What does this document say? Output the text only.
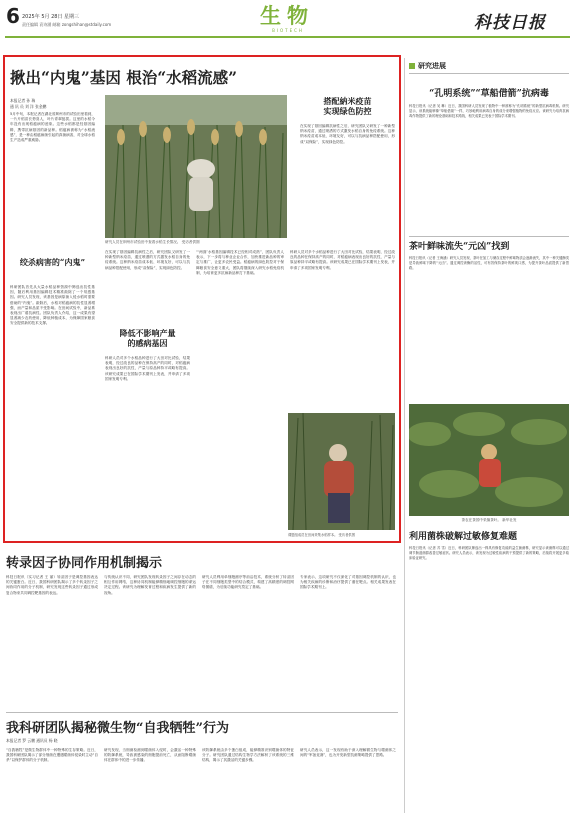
6 2025年 5月 28日 星期三
责任编辑 袁诗涵 邮箱 zongshihan@stdaily.com	生物
BIOTECH	科技日报
揪出“内鬼”基因 根治“水稻流感”
本报记者 孙 瑞
通 讯 员 刘 洋 张金鹏
5月中旬，本报记者在湖北省荆州市的试验田里看到，一片片稻苗长势喜人，叶片青翠挺拔。这里的水稻今年没有出现稻瘟病的迹象。这些水稻都是经基因编辑，携带抗病基因的新品种。稻瘟病被称为“水稻流感”，是一种由稻瘟病菌引起的真菌病害，对全球水稻生产造成严重威胁。
绞杀病害的“内鬼”
科研团队首先从大量水稻品种资源中筛选出抗性基因，随后利用基因编辑技术精准敲除了一个易感基因。研究人员发现，该基因是病原菌入侵水稻时需要借助的“内鬼”。敲除后，水稻对稻瘟病的抗性显著增强，而产量和品质不受影响。在田间试验中，新品系表现出广谱抗病性。团队负责人介绍，这一成果有望显著减少农药使用，降低种植成本，为保障国家粮食安全提供新的技术支撑。
研究人员在荆州市试验田中查看水稻生长情况。 受访者供图
搭配納米疫苗
实现绿色防控
在实现了基因编辑抗病性之后，研究团队又研发了一种新型纳米疫苗，通过喷洒的方式激发水稻自身的免疫系统。这种纳米疫苗成本低、环境友好，可以与抗病品种搭配使用，形成“双保险”，实现绿色防控。
在实现了基因编辑抗病性之后，研究团队又研发了一种新型纳米疫苗，通过喷洒的方式激发水稻自身的免疫系统。这种纳米疫苗成本低、环境友好，可以与抗病品种搭配使用，形成“双保险”，实现绿色防控。
降低不影响产量
的感病基因
科研人员对多个水稻品种进行了大田对比试验，结果表明，经过改良的品种在保持高产的同时，对稻瘟病表现出良好的抗性，产量与原品种持平或略有提高。该研究成果已在国际学术期刊上发表，并申请了多项国家发明专利。
“‘两面’水稻基因编辑技术已经相对成熟”，团队负责人表示，下一步将与种业企业合作，加快推进新品种的审定与推广，让更多农民受益。稻瘟病的绿色防控对于保障粮食安全意义重大，团队将继续深入研究水稻免疫机制，为培育更多抗病新品种打下基础。
科研人员对多个水稻品种进行了大田对比试验，结果表明，经过改良的品种在保持高产的同时，对稻瘟病表现出良好的抗性，产量与原品种持平或略有提高。该研究成果已在国际学术期刊上发表，并申请了多项国家发明专利。
课题组成员在田间采集水稻样本。 受访者供图
研究进展
“孔明系统”“草船借箭”抗病毒
科技日报讯（记者 吴 琳）近日，我国科研人员发现了植物中一种被称为“孔明系统”的新型抗病毒机制。研究显示，该系统能够像“草船借箭”一样，巧妙地利用病毒自身的成分来增强植物的免疫反应。该研究为培育抗病毒作物提供了新的理论基础和技术路线，相关成果已发表于国际学术期刊。
茶叶鲜味流失“元凶”找到
科技日报讯（记者 王海涵）研究人员发现，茶叶在加工与储存过程中鲜味物质会逐渐流失，其中一种关键酶类是导致鲜味下降的“元凶”。通过调控该酶的活性，可有效保持茶叶的鲜爽口感，为提升茶叶品质提供了新思路。
茶农在茶园中采摘茶叶。 新华社发
利用菌株破解过敏修复难题
科技日报讯（记者 苏 雪）近日，科研团队筛选出一株具有修复功能的益生菌菌株，研究显示该菌株可以通过调节肠道菌群改善过敏症状。研究人员表示，该发现为过敏性疾病的干预提供了新的策略，后续将开展更多临床验证研究。
转录因子协同作用机制揭示
科技日报讯（实习记者 王 丽）转录因子是调控基因表达的关键蛋白。近日，我国科研团队揭示了多个转录因子之间协同作用的分子机制，研究发现这些转录因子通过形成复合物来共同调控靶基因的表达。
与传统认识不同，研究团队发现转录因子之间存在动态的相互作用网络，这种协同机制能够精细地调控细胞的命运决定过程。该研究为理解发育过程和疾病发生提供了新的视角。
研究人员利用单细胞测序等前沿技术，系统分析了转录因子在不同细胞类型中的结合模式，构建了高精度的调控网络图谱，为后续功能研究奠定了基础。
专家表示，这项研究不仅深化了对基因调控机制的认识，也为相关疾病的诊断和治疗提供了潜在靶点。相关成果发表在国际学术期刊上。
我科研团队揭秘微生物“自我牺牲”行为
本报记者 罗 云鹏 通讯员 杨 晓
“自我牺牲”是微生物群体中一种特殊的生存策略。近日，我国科研团队揭示了部分细菌在遭遇噬菌体侵染时主动“自杀”以保护群体的分子机制。
研究发现，当细菌检测到噬菌体入侵时，会激活一种特殊的防御系统，导致被感染的细胞提前死亡，从而阻断噬菌体在群体中的进一步传播。
该防御系统由多个蛋白组成，能够精准识别噬菌体的特征分子。研究团队通过结构生物学方法解析了该系统的三维结构，揭示了其激活的关键步骤。
研究人员表示，这一发现有助于深入理解微生物与噬菌体之间的“军备竞赛”，也为开发新型抗菌策略提供了思路。
